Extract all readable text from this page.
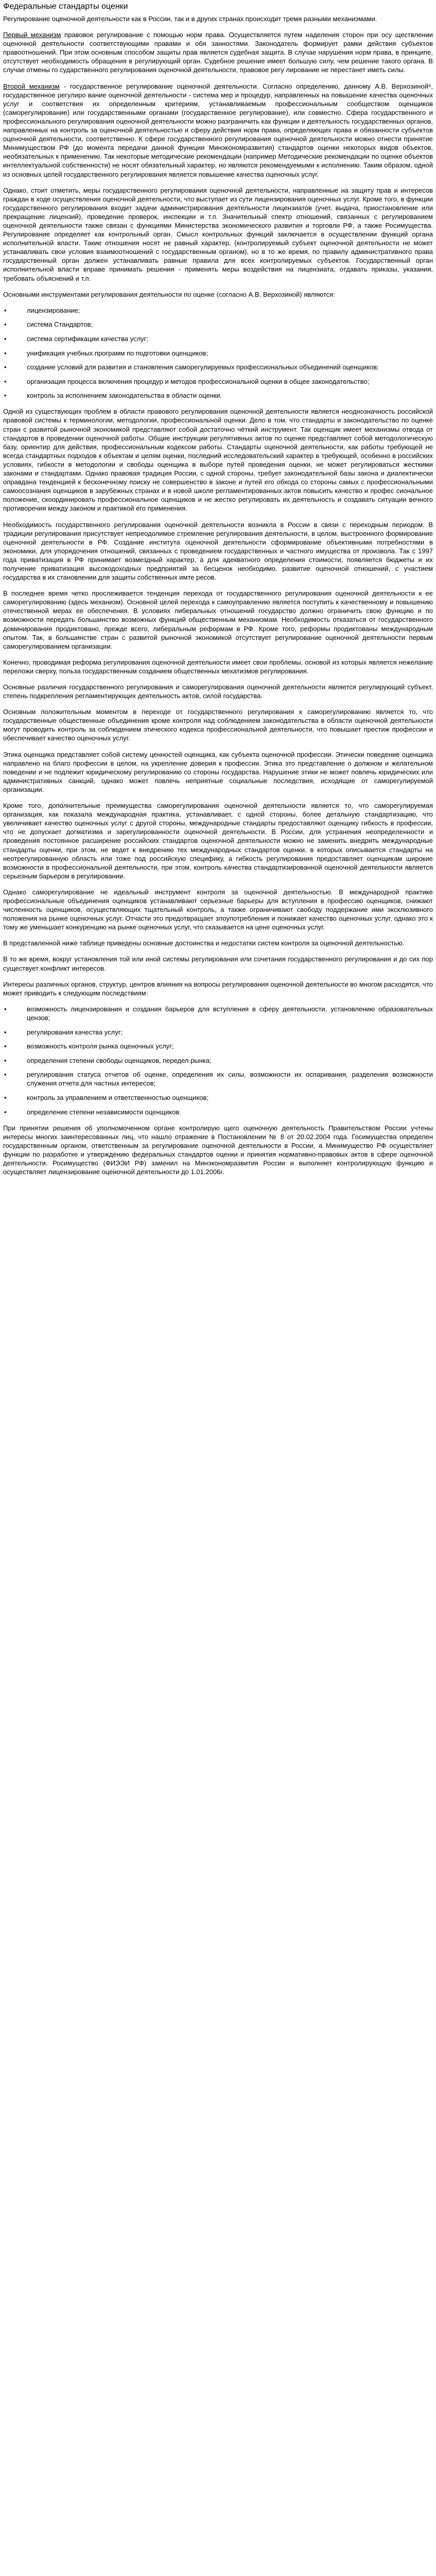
Федеральные стандарты оценки

Регулирование оценочной деятельности как в России, так и в других странах происходит тремя разными механизмами.

Первый механизм правовое регулирование с помощью норм права. Осуществляется путем наделения сторон при осу ществлении оценочной деятельности соответствующими правами и обя занностями. Законодатель формирует рамки действия субъектов правоотношений. При этом основным способом защиты прав является судебная защита. В случае нарушения норм права, в принципе, отсутствует необходимость обращения в регулирующий орган. Судебное решение имеет большую силу, чем решение такого органа. В случае отмены го сударственного регулирования оценочной деятельности, правовое регу лирование не перестанет иметь силы.

Второй механизм - государственное регулирование оценочной деятельности. Согласно определению, данному А.В. Верхозиной⁵, государственное регулиро вание оценочной деятельности - система мер и процедур, направленных на повышение качества оценочных услуг и соответствия их определенным критериям, устанавливаемым профессиональным сообществом оценщиков (саморегулирование) или государственными органами (государственное регулирование), или совместно. Сфера государственного и профессионального регулирования оценочной деятельности можно разграничить как функции и деятельность государственных органов, направленных на контроль за оценочной деятельностью и сферу действия норм права, определяющих права и обязанности субъектов оценочной деятельности, соответственно. К сфере государственного регулирования оценочной деятельности можно отнести принятие Минимуществом РФ (до момента передачи данной функции Минэкономразвития) стандартов оценки некоторых видов объектов, необязательных к применению. Так некоторые методические рекомендации (например Методические рекомендации по оценке объектов интеллектуальной собственности) не носят обязательный характер, но являются рекомендуемыми к исполнению. Таким образом, одной из основных целей государственного регулирования является повышение качества оценочных услуг.

Однако, стоит отметить, меры государственного регулирования оценочной деятельности, направленные на защиту прав и интересов граждан в ходе осуществления оценочной деятельности, что выступает из сути лицензирования оценочных услуг. Кроме того, в функции государственного регулирования входит задачи администрирования деятельности лицензиатов (учет, выдача, приостановление или прекращение лицензий), проведение проверок, инспекции и т.п. Значительный спектр отношений, связанных с регулированием оценочной деятельности также связан с функциями Министерства экономического развития и торговли РФ, а также Росимущества. Регулирование определяет как контрольный орган. Смысл контрольных функций заключается в осуществлении функций органа исполнительной власти. Такие отношения носят не равный характер, (контролируемый субъект оценочной деятельности не может устанавливать свои условия взаимоотношений с государственным органом), но в то же время, по правилу административного права государственный орган должен устанавливать равные правила для всех контролируемых субъектов. Государственный орган исполнительной власти вправе принимать решения - применять меры воздействия на лицензиата, отдавать приказы, указания, требовать объяснений и т.п.

Основными инструментами регулирования деятельности по оценке (согласно А.В. Верхозиной) являются:

• лицензирование;
• система Стандартов;
• система сертификации качества услуг;
• унификация учебных программ по подготовки оценщиков;
• создание условий для развития и становления саморегулируемых профессиональных объединений оценщиков;
• организация процесса включения процедур и методов профессиональной оценки в общее законодательство;
• контроль за исполнением законодательства в области оценки.

Одной из существующих проблем в области правового регулирования оценочной деятельности является неоднозначность российской правовой системы к терминологии, методологии, профессиональной оценки. Дело в том, что стандарты и законодательство по оценке стран с развитой рыночной экономикой представляют собой достаточно чёткий инструмент. Так оценщик имеет механизмы отвода от стандартов в проведении оценочной работы. Общие инструкции регулятивных актов по оценке представляют собой методологическую базу, ориентир для действия, профессиональным кодексом работы. Стандарты оценочной деятельности, как работы требующей не всегда стандартных подходов к объектам и целям оценки, последний исследовательский характер в требующей, особенно в российских условиях, гибкости в методологии и свободы оценщика в выборе путей проведения оценки, не может регулироваться жесткими законами и стандартами. Однако правовая традиция России, с одной стороны, требует законодательной базы закона и диалектически оправдана тенденцией к бесконечному поиску не совершенство в законе и путей его обхода со стороны самых с профессиональными самоосознания оценщиков в зарубежных странах и в новой школе регламентированных актов повысить качество и профес сиональное положение, скоординировать профессиональное оценщиков и не жестко регулировать их деятельность и создавать ситуации вечного противоречия между законом и практикой его применения.

Необходимость государственного регулирования оценочной деятельности возникла в России в связи с переходным периодом. В традиции регулирования присутствует непреодолимое стремление регулирования деятельности, в целом, выстроенного формирование оценочной деятельности в РФ. Создание института оценочной деятельности сформирование объективными потребностями в экономики, для упорядочения отношений, связанных с проведением государственных и частного имущества от произвола. Так с 1997 года приватизация в РФ принимает возмездный характер, а для адекватного определения стоимости, появляется бюджеты и их получение приватизация высокодоходных предприятий за бесценок необходимо, развитие оценочной отношений, с участием государства в их становлении для защиты собственных имте ресов.

В последнее время четко прослеживается тенденция перехода от государственного регулирования оценочной деятельности к ее саморегулированию (здесь механизм). Основной целей перехода к самоуправлению является поступить к качественному и повышению отечественной мерах ее обеспечения. В условиях либеральных отношений государство должно ограничить свою функцию и по возможности передать большинство возможных функций общественным механизмам. Необходимость отказаться от государственного доминирования продиктовано, прежде всего, либеральным реформам в РФ. Кроме того, реформы продиктованы международным опытом. Так, в большинстве стран с развитой рыночной экономикой отсутствует регулирование оценочной деятельности первым саморегулированием организации.

Конечно, проводимая реформа регулирования оценочной деятельности имеет свои проблемы, основой из которых является нежелание переложи сверху, польза государственным созданием общественных мехатизмов регулирования.

Основные различия государственного регулирования и саморегулирования оценочной деятельности является регулирующий субъект, степень подкрепления регламентирующих деятельность актов, силой государства.

Основным положительным моментом в переходе от государственного регулирования к саморегулированию является то, что государственные общественные объединения кроме контроля над соблюдением законодательства в области оценочной деятельности могут проводить контроль за соблюдением этического кодекса профессиональной деятельности, что повышает престиж профессии и обеспечивает качество оценочных услуг.

Этика оценщика представляет собой систему ценностей оценщика, как субъекта оценочной профессии. Этически поведение оценщика направлено на благо профессии в целом, на укрепление доверия к профессии. Этика это представление о должном и желательном поведении и не подлежит юридическому регулированию со стороны государства. Нарушение этики не может повлечь юридических или административных санкций, однако может повлечь неприятные социальные последствия, исходящие от саморегулируемой организации.

Кроме того, дополнительные преимущества саморегулирования оценочной деятельности является то, что саморегулируемая организация, как показала международная практика, устанавливает, с одной стороны, более детальную стандартизацию, что увеличивает качество оценочных услуг с другой стороны, международные стандарты предоставляют оценщику гибкость в профессии, что не допускает догматизма и зарегулированности оценочной деятельности. В России, для устранения неопределенности и проведения постоянное расширение российских стандартов оценочной деятельности можно не заменить внедрить международные стандарты оценки, при этом, не ведет к внедрению тех международных стандартов оценки, в которых описывается стандарты на неотрегулированную область или тоже под российскую специфику, а гибкость регулирования предоставляет оценщикам широкие возможности в профессиональной деятельности, при этом, контроль качества стандартизированной оценочной деятельности является серьезным барьером в регулировании.

Однако саморегулирование не идеальный инструмент контроля за оценочной деятельностью. В международной практике профессиональные объединения оценщиков устанавливают серьезные барьеры для вступления в профессию оценщиков, снижают численность оценщиков, осуществляющих тщательный контроль, а также ограничивают свободу поддержание ими эксклюзивного положения на рынке оценочных услуг. Отчасти это предотвращает злоупотребления и понижает качество оценочных услуг, однако это к тому же уменьшает конкуренцию на рынке оценочных услуг, что сказывается на цене оценочных услуг.

В представленной ниже таблице приведены основные достоинства и недостатки систем контроля за оценочной деятельностью.

В то же время, вокруг установления той или иной системы регулирования или сочетания государственного регулирования и до сих пор существует конфликт интересов.

Интересы различных органов, структур, центров влияния на вопросы регулирования оценочной деятельности во многом расходятся, что может приводить к следующим последствиям:

• возможность лицензирования и создания барьеров для вступления в сферу деятельности, установлению образовательных цензов;
• регулирования качества услуг;
• возможность контроля рынка оценочных услуг;
• определения степени свободы оценщиков, передел рынка;
• регулирования статуса отчетов об оценке, определения их силы, возможности их оспаривания, разделения возможности служения отчета для частных интересов;
• контроль за управлением и ответственностью оценщиков;
• определение степени независимости оценщиков.

При принятии решения об уполномоченном органе контролирую щего оценочную деятельность Правительством России учтены интересы многих заинтересованных лиц, что нашло отражение в Постановлении № 8 от 20.02.2004 года. Госимущества определен государственным органом, ответственным за регулирование оценочной деятельности в России, а Минимущество РФ осуществляет функции по разработке и утверждению федеральных стандартов оценки и принятия нормативно-правовых актов в сфере оценочной деятельности. Росимущество (ФИЭЭИ РФ) заменил на Минэкономразвития России и выполняет контролирующую функцию и осуществляет лицензирование оценочной деятельности до 1.01.2006г.
